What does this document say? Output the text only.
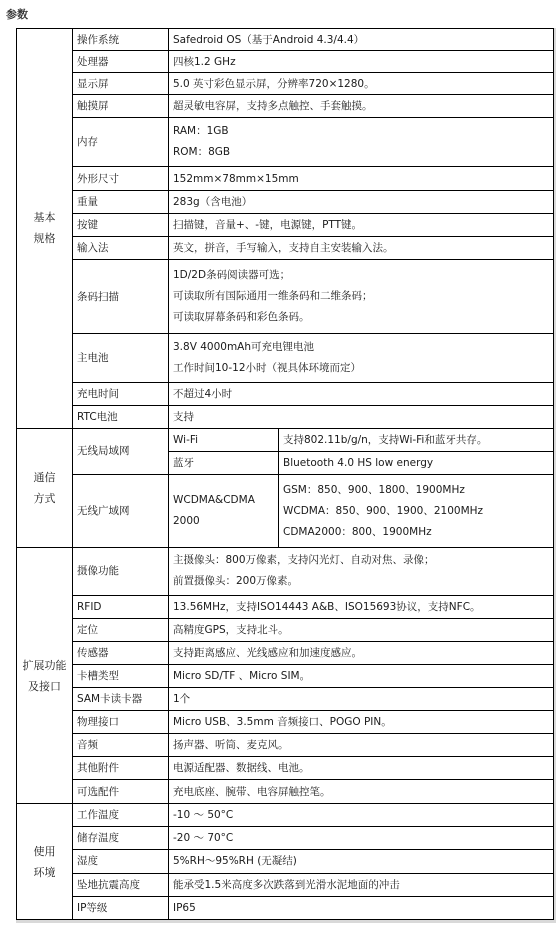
参数
基本
规格	操作系统	Safedroid OS（基于Android 4.3/4.4）	
	处理器	四核1.2 GHz	
	显示屏	5.0 英寸彩色显示屏，分辨率720×1280。	
	触摸屏	超灵敏电容屏，支持多点触控、手套触摸。	
	内存	RAM：1GB
ROM：8GB	

	外形尺寸	152mm×78mm×15mm	
	重量	283g（含电池）	
	按键	扫描键，音量+、-键，电源键，PTT键。	
	输入法	英文，拼音，手写输入，支持自主安装输入法。	
	条码扫描	1D/2D条码阅读器可选；
可读取所有国际通用一维条码和二维条码；
可读取屏幕条码和彩色条码。	

	主电池	3.8V 4000mAh可充电锂电池
工作时间10-12小时（视具体环境而定）	

	充电时间	不超过4小时	
	RTC电池	支持	

通信
方式	无线局域网	Wi-Fi	支持802.11b/g/n，支持Wi-Fi和蓝牙共存。
		蓝牙	Bluetooth 4.0 HS low energy
	无线广域网	WCDMA&CDMA
2000	GSM：850、900、1800、1900MHz
WCDMA：850、900、1900、2100MHz
CDMA2000：800、1900MHz

扩展功能
及接口	摄像功能	主摄像头：800万像素，支持闪光灯、自动对焦、录像；
前置摄像头：200万像素。	

	RFID	13.56MHz，支持ISO14443 A&B、ISO15693协议，支持NFC。	
	定位	高精度GPS，支持北斗。	
	传感器	支持距离感应、光线感应和加速度感应。	
	卡槽类型	Micro SD/TF 、Micro SIM。	
	SAM卡读卡器	1个	
	物理接口	Micro USB、3.5mm 音频接口、POGO PIN。	
	音频	扬声器、听筒、麦克风。	
	其他附件	电源适配器、数据线、电池。	
	可选配件	充电底座、腕带、电容屏触控笔。	

使用
环境	工作温度	-10 ～ 50°C	
	储存温度	-20 ～ 70°C	
	湿度	5%RH～95%RH (无凝结)	
	坠地抗震高度	能承受1.5米高度多次跌落到光滑水泥地面的冲击	
	IP等级	IP65	
